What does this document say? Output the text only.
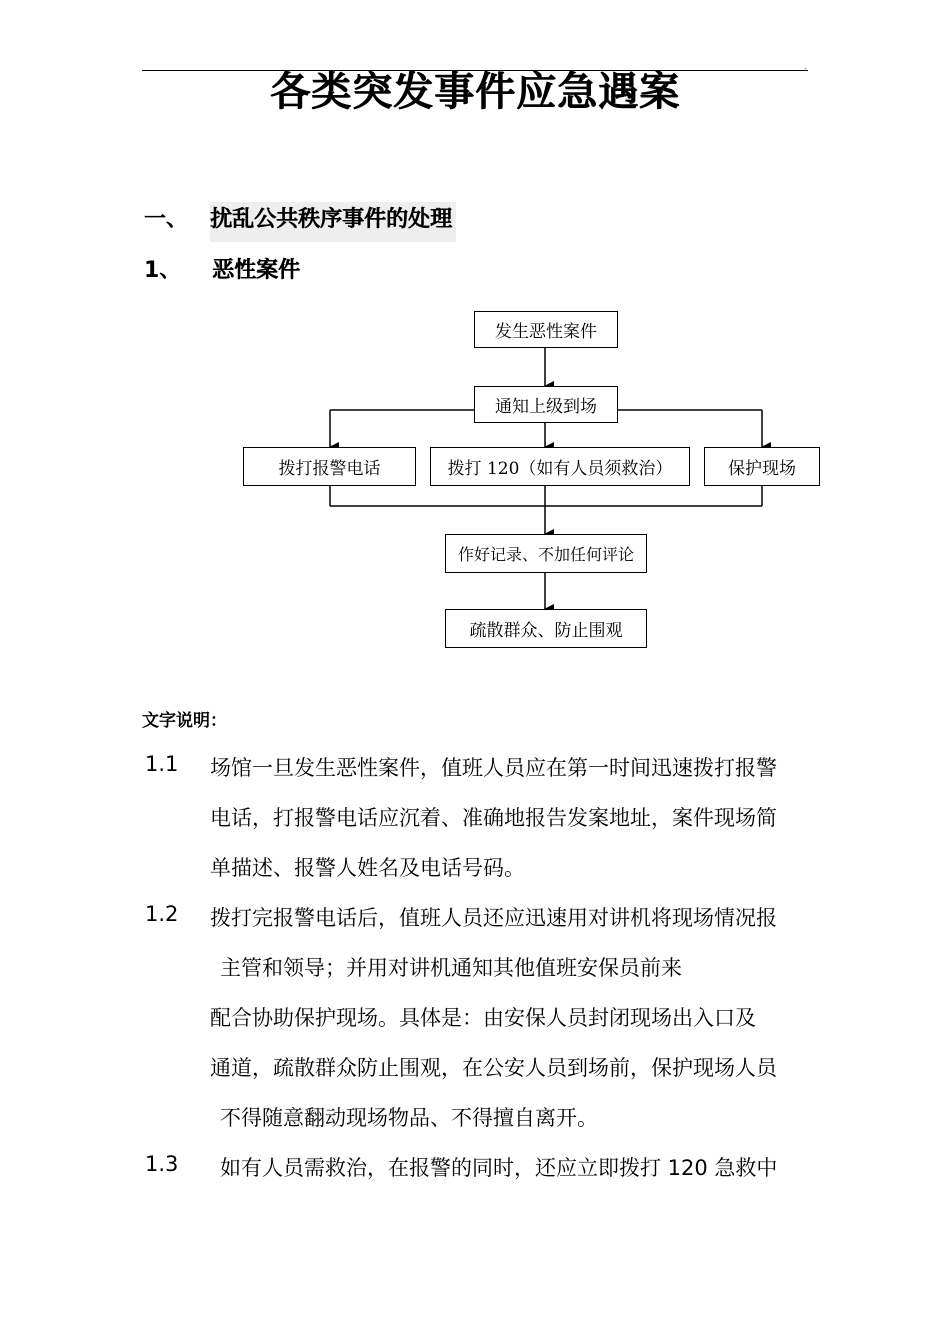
.
各类突发事件应急遇案
一、 扰乱公共秩序事件的处理
1、 恶性案件
发生恶性案件
通知上级到场
拨打报警电话	拨打 120（如有人员须救治）	保护现场
作好记录、不加任何评论
疏散群众、防止围观
文字说明：
1.1 场馆一旦发生恶性案件，值班人员应在第一时间迅速拨打报警
电话，打报警电话应沉着、准确地报告发案地址，案件现场简
单描述、报警人姓名及电话号码。
1.2 拨打完报警电话后，值班人员还应迅速用对讲机将现场情况报
主管和领导；并用对讲机通知其他值班安保员前来
配合协助保护现场。具体是：由安保人员封闭现场出入口及
通道，疏散群众防止围观，在公安人员到场前，保护现场人员
不得随意翻动现场物品、不得擅自离开。
1.3 如有人员需救治，在报警的同时，还应立即拨打 120 急救中
